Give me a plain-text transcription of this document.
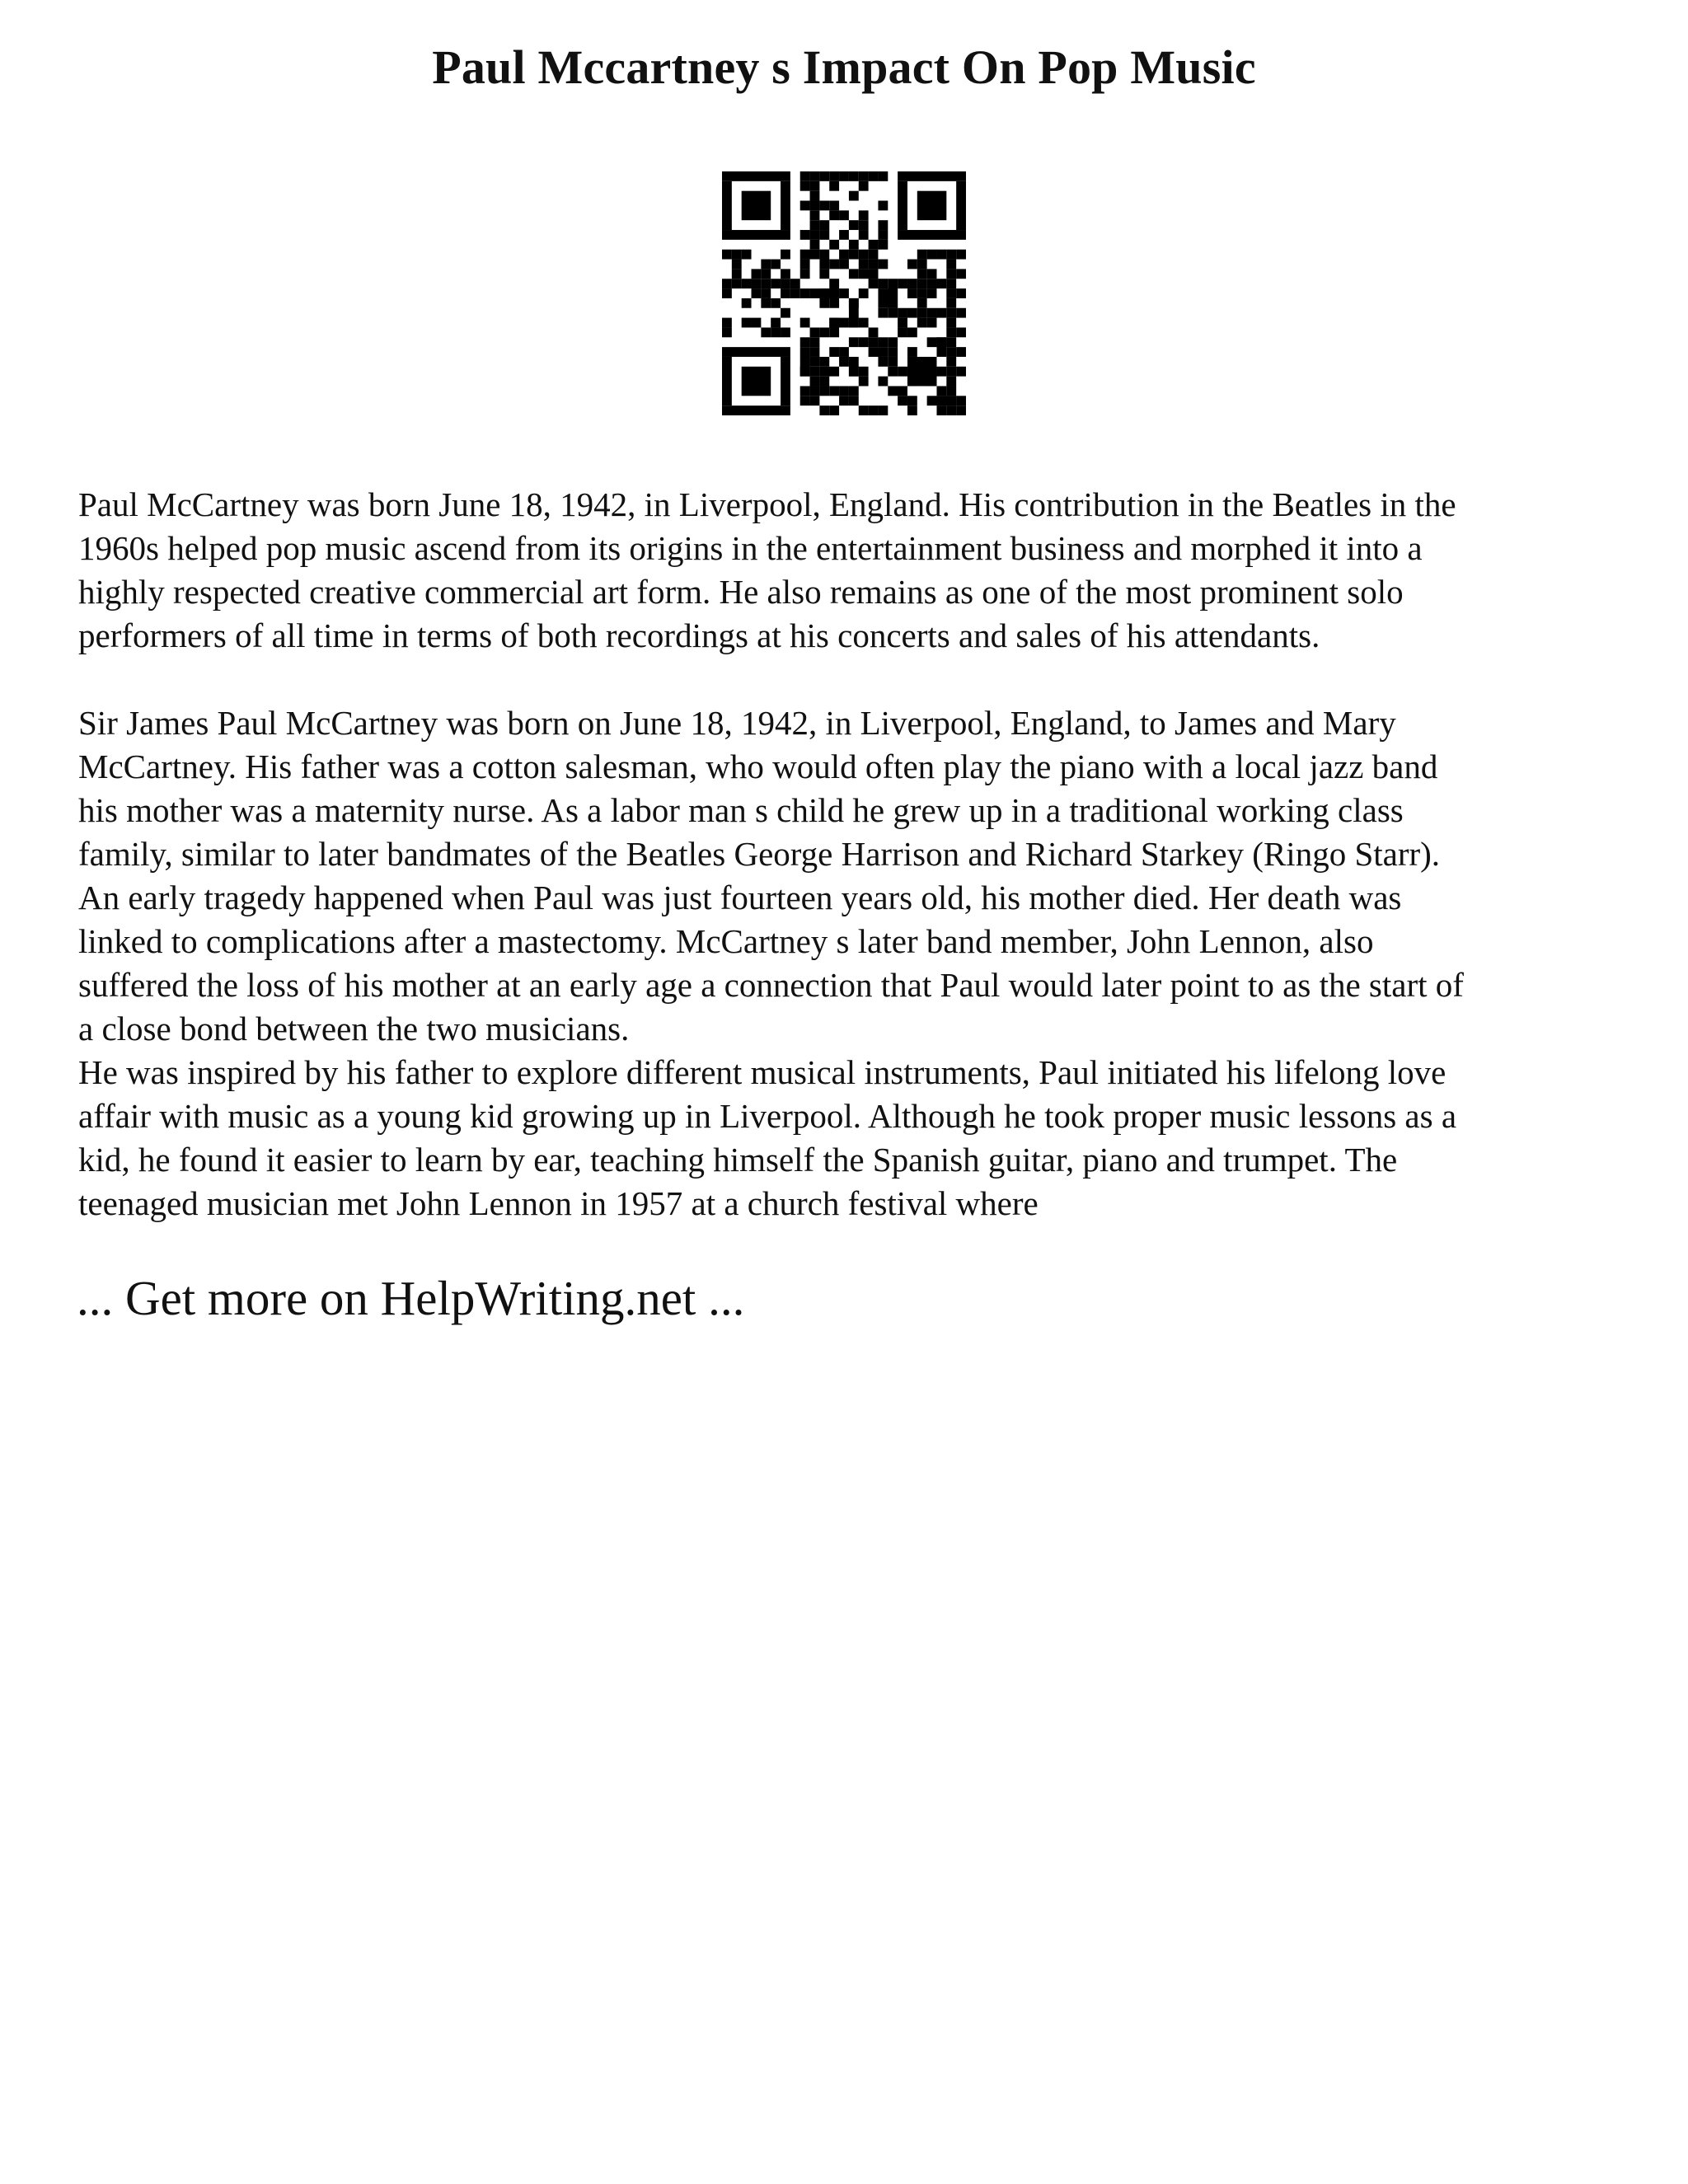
Paul Mccartney s Impact On Pop Music

Paul McCartney was born June 18, 1942, in Liverpool, England. His contribution in the Beatles in the
1960s helped pop music ascend from its origins in the entertainment business and morphed it into a
highly respected creative commercial art form. He also remains as one of the most prominent solo
performers of all time in terms of both recordings at his concerts and sales of his attendants.

Sir James Paul McCartney was born on June 18, 1942, in Liverpool, England, to James and Mary
McCartney. His father was a cotton salesman, who would often play the piano with a local jazz band
his mother was a maternity nurse. As a labor man s child he grew up in a traditional working class
family, similar to later bandmates of the Beatles George Harrison and Richard Starkey (Ringo Starr).
An early tragedy happened when Paul was just fourteen years old, his mother died. Her death was
linked to complications after a mastectomy. McCartney s later band member, John Lennon, also
suffered the loss of his mother at an early age a connection that Paul would later point to as the start of
a close bond between the two musicians.

He was inspired by his father to explore different musical instruments, Paul initiated his lifelong love
affair with music as a young kid growing up in Liverpool. Although he took proper music lessons as a
kid, he found it easier to learn by ear, teaching himself the Spanish guitar, piano and trumpet. The
teenaged musician met John Lennon in 1957 at a church festival where

... Get more on HelpWriting.net ...
